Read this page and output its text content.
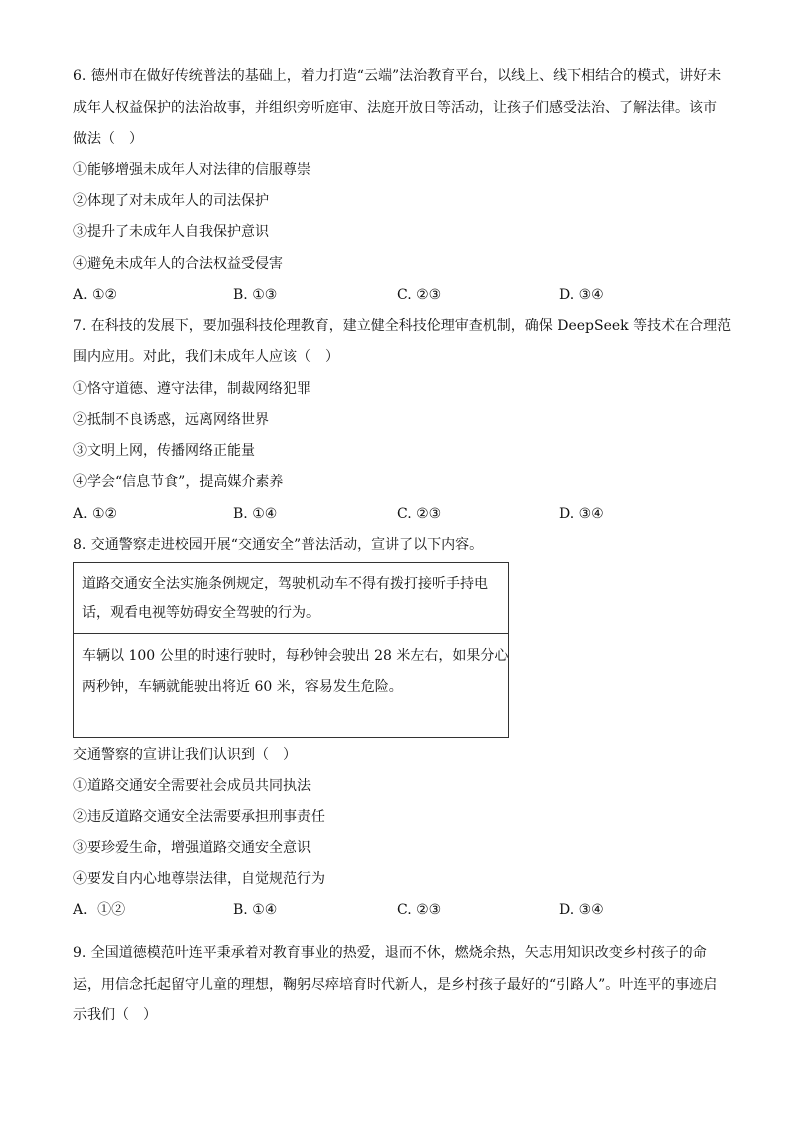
6. 德州市在做好传统普法的基础上，着力打造“云端”法治教育平台，以线上、线下相结合的模式，讲好未
成年人权益保护的法治故事，并组织旁听庭审、法庭开放日等活动，让孩子们感受法治、了解法律。该市
做法（　）
①能够增强未成年人对法律的信服尊崇
②体现了对未成年人的司法保护
③提升了未成年人自我保护意识
④避免未成年人的合法权益受侵害
A. ①②	B. ①③	C. ②③	D. ③④
7. 在科技的发展下，要加强科技伦理教育，建立健全科技伦理审查机制，确保 DeepSeek 等技术在合理范
围内应用。对此，我们未成年人应该（　）
①恪守道德、遵守法律，制裁网络犯罪
②抵制不良诱惑，远离网络世界
③文明上网，传播网络正能量
④学会“信息节食”，提高媒介素养
A. ①②	B. ①④	C. ②③	D. ③④
8. 交通警察走进校园开展“交通安全”普法活动，宣讲了以下内容。
道路交通安全法实施条例规定，驾驶机动车不得有拨打接听手持电
话，观看电视等妨碍安全驾驶的行为。
车辆以 100 公里的时速行驶时，每秒钟会驶出 28 米左右，如果分心
两秒钟，车辆就能驶出将近 60 米，容易发生危险。
交通警察的宣讲让我们认识到（　）
①道路交通安全需要社会成员共同执法
②违反道路交通安全法需要承担刑事责任
③要珍爱生命，增强道路交通安全意识
④要发自内心地尊崇法律，自觉规范行为
A．①②	B. ①④	C. ②③	D. ③④
9. 全国道德模范叶连平秉承着对教育事业的热爱，退而不休，燃烧余热，矢志用知识改变乡村孩子的命
运，用信念托起留守儿童的理想，鞠躬尽瘁培育时代新人，是乡村孩子最好的“引路人”。叶连平的事迹启
示我们（　）
